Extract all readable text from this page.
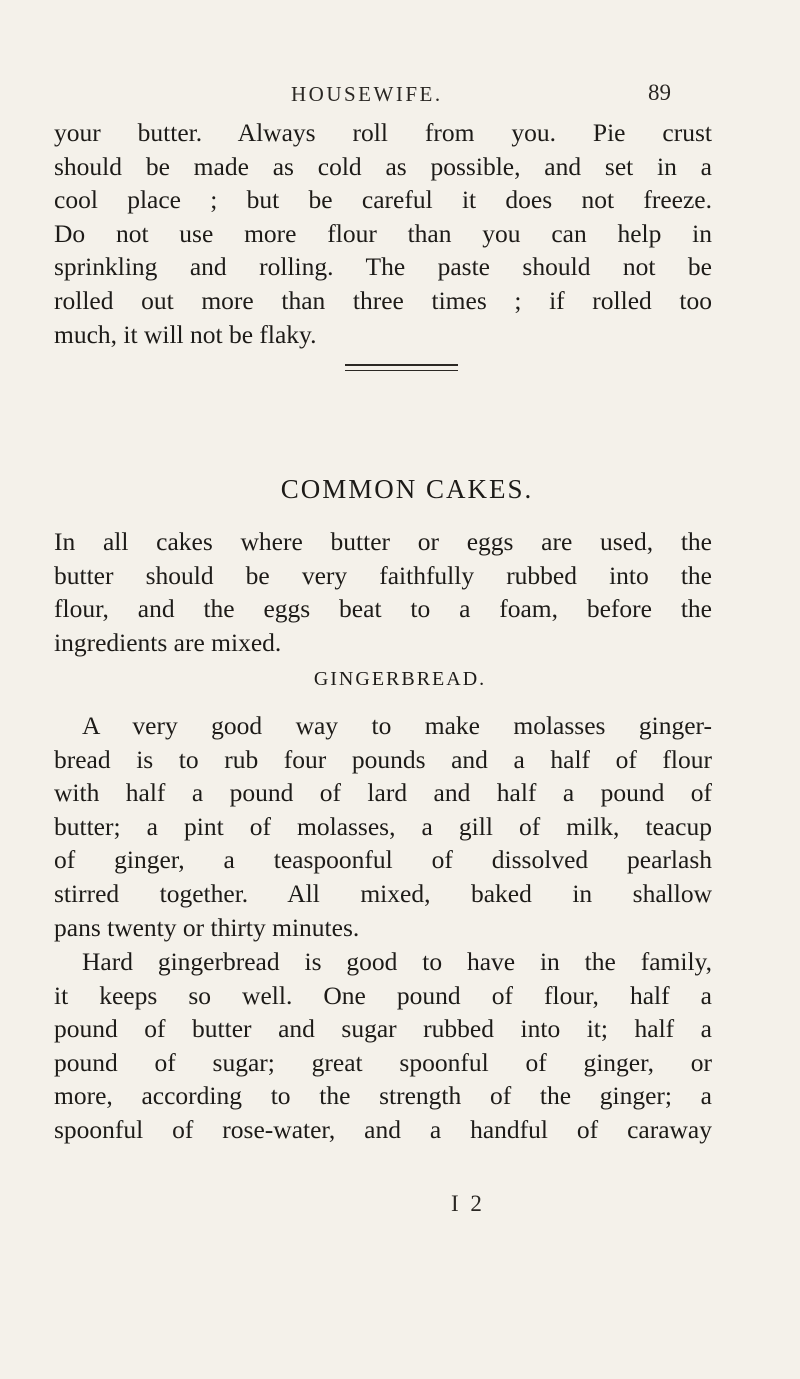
HOUSEWIFE.	89
your butter. Always roll from you. Pie crust
should be made as cold as possible, and set in a
cool place ; but be careful it does not freeze.
Do not use more flour than you can help in
sprinkling and rolling. The paste should not be
rolled out more than three times ; if rolled too
much, it will not be flaky.
COMMON CAKES.
In all cakes where butter or eggs are used, the
butter should be very faithfully rubbed into the
flour, and the eggs beat to a foam, before the
ingredients are mixed.
GINGERBREAD.
A very good way to make molasses ginger-
bread is to rub four pounds and a half of flour
with half a pound of lard and half a pound of
butter; a pint of molasses, a gill of milk, teacup
of ginger, a teaspoonful of dissolved pearlash
stirred together. All mixed, baked in shallow
pans twenty or thirty minutes.
Hard gingerbread is good to have in the family,
it keeps so well. One pound of flour, half a
pound of butter and sugar rubbed into it; half a
pound of sugar; great spoonful of ginger, or
more, according to the strength of the ginger; a
spoonful of rose-water, and a handful of caraway
I 2
